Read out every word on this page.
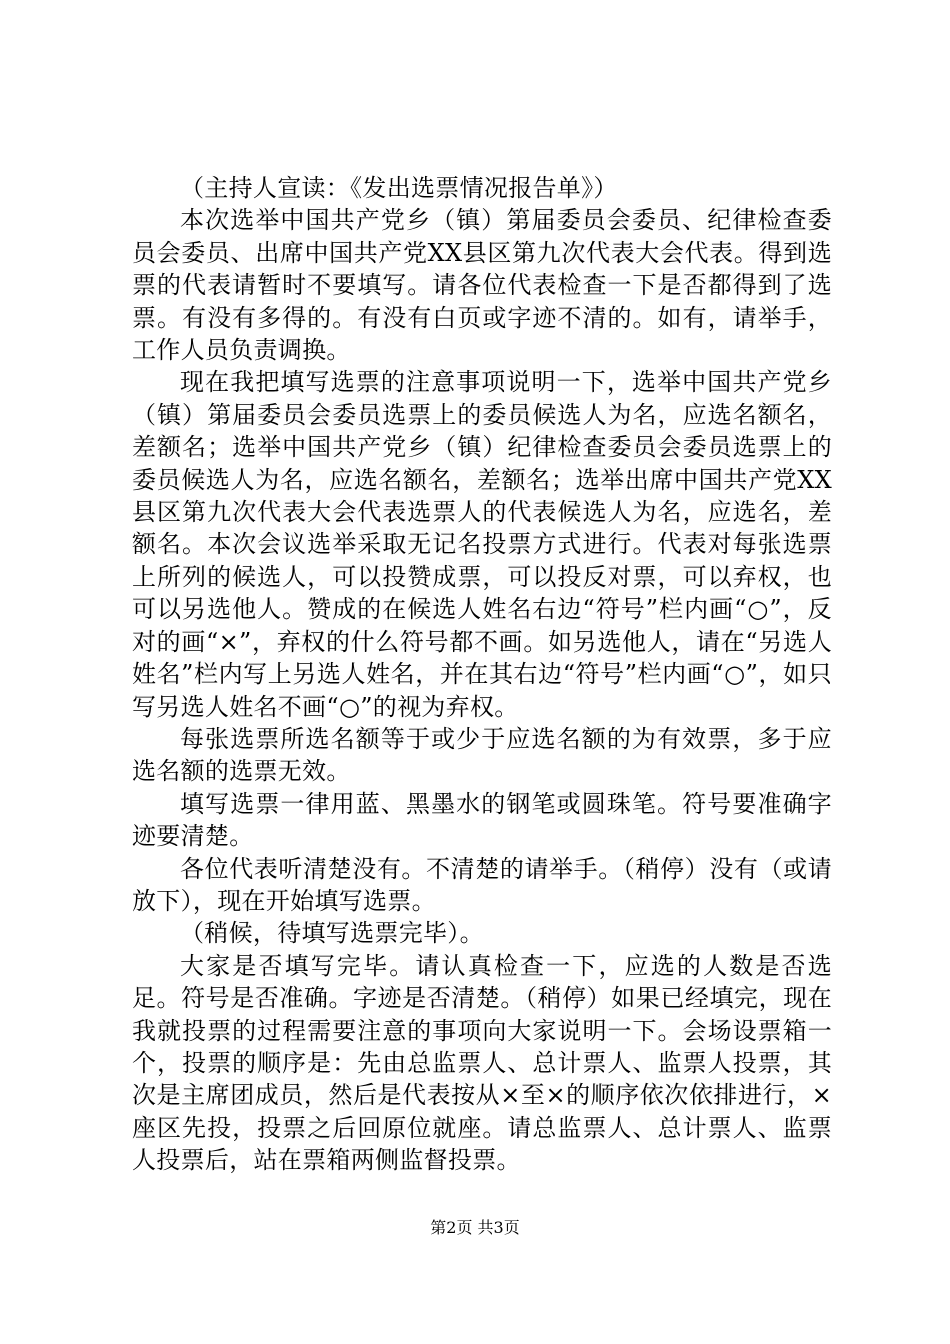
（主持人宣读：《发出选票情况报告单》）

本次选举中国共产党乡（镇）第届委员会委员、纪律检查委员会委员、出席中国共产党XX县区第九次代表大会代表。得到选票的代表请暂时不要填写。请各位代表检查一下是否都得到了选票。有没有多得的。有没有白页或字迹不清的。如有，请举手，工作人员负责调换。

现在我把填写选票的注意事项说明一下，选举中国共产党乡（镇）第届委员会委员选票上的委员候选人为名，应选名额名，差额名；选举中国共产党乡（镇）纪律检查委员会委员选票上的委员候选人为名，应选名额名，差额名；选举出席中国共产党XX县区第九次代表大会代表选票人的代表候选人为名，应选名，差额名。本次会议选举采取无记名投票方式进行。代表对每张选票上所列的候选人，可以投赞成票，可以投反对票，可以弃权，也可以另选他人。赞成的在候选人姓名右边“符号”栏内画“○”，反对的画“×”，弃权的什么符号都不画。如另选他人，请在“另选人姓名”栏内写上另选人姓名，并在其右边“符号”栏内画“○”，如只写另选人姓名不画“○”的视为弃权。

每张选票所选名额等于或少于应选名额的为有效票，多于应选名额的选票无效。

填写选票一律用蓝、黑墨水的钢笔或圆珠笔。符号要准确字迹要清楚。

各位代表听清楚没有。不清楚的请举手。（稍停）没有（或请放下），现在开始填写选票。

（稍候，待填写选票完毕）。

大家是否填写完毕。请认真检查一下，应选的人数是否选足。符号是否准确。字迹是否清楚。（稍停）如果已经填完，现在我就投票的过程需要注意的事项向大家说明一下。会场设票箱一个，投票的顺序是：先由总监票人、总计票人、监票人投票，其次是主席团成员，然后是代表按从×至×的顺序依次依排进行，×座区先投，投票之后回原位就座。请总监票人、总计票人、监票人投票后，站在票箱两侧监督投票。

第2页 共3页
